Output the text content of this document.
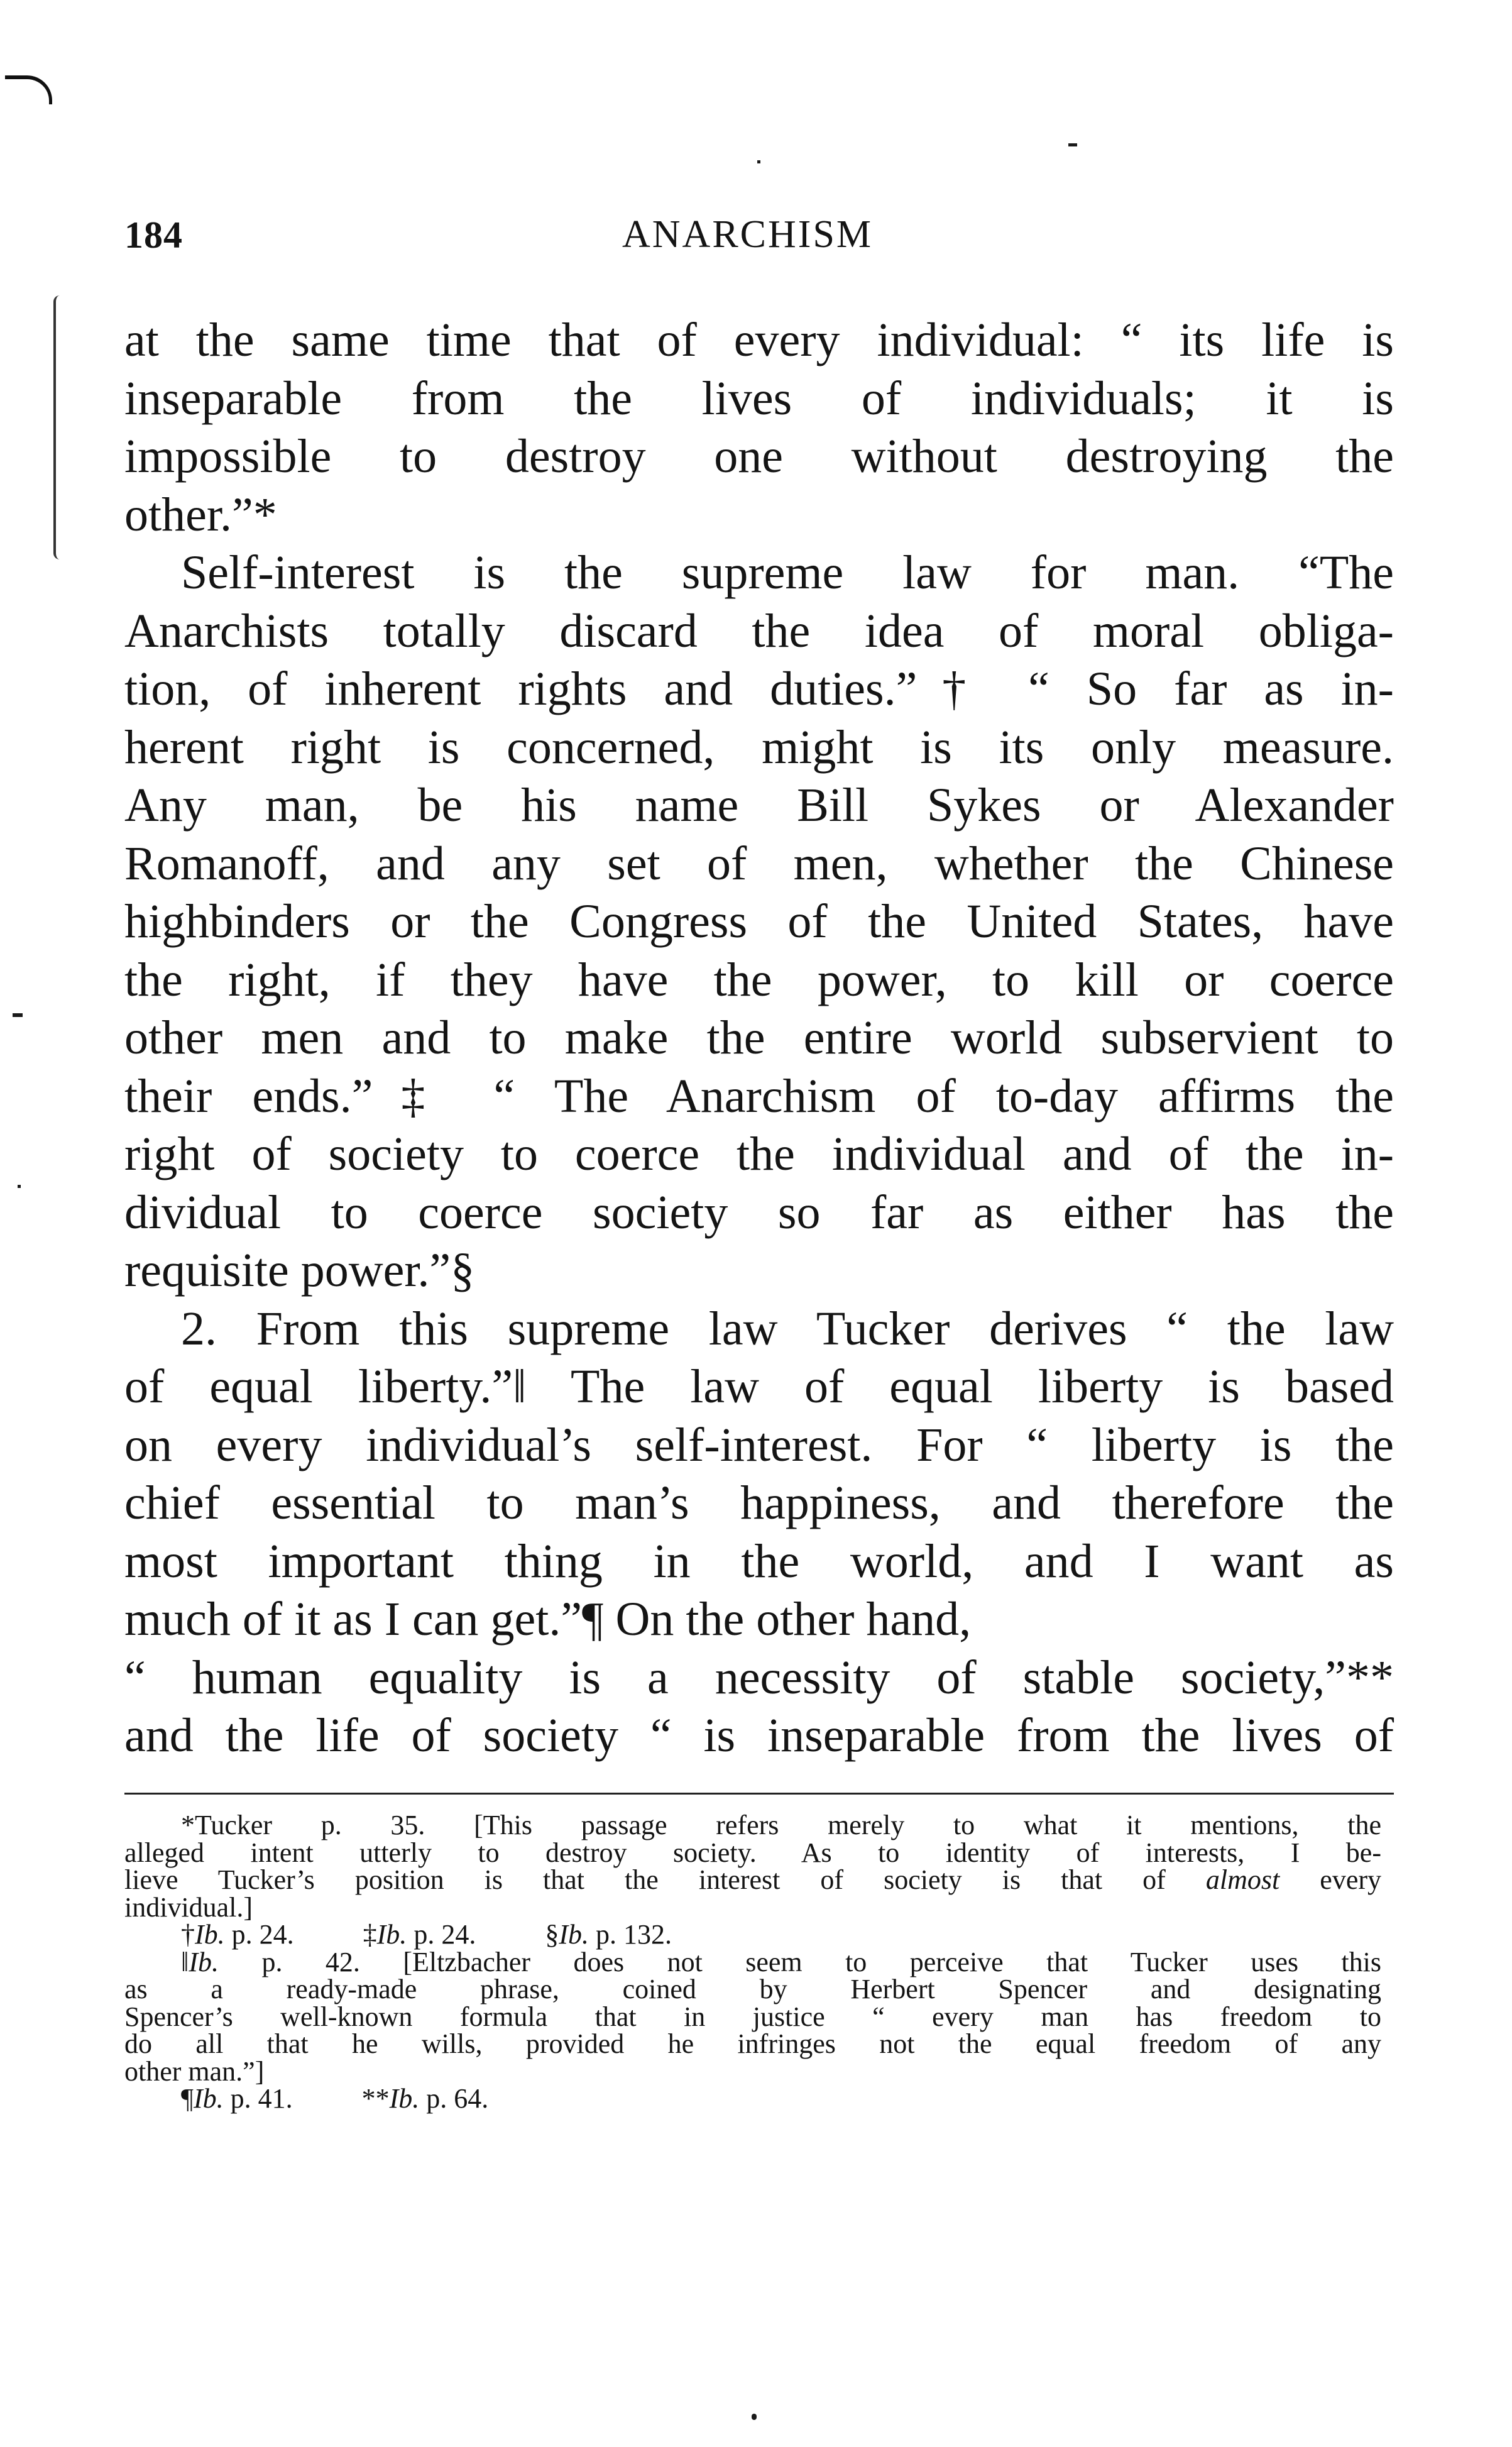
184	ANARCHISM
at the same time that of every individual: “ its life is
inseparable from the lives of individuals; it is
impossible to destroy one without destroying the
other.”*
Self-interest is the supreme law for man. “The
Anarchists totally discard the idea of moral obliga-
tion, of inherent rights and duties.”† “ So far as in-
herent right is concerned, might is its only measure.
Any man, be his name Bill Sykes or Alexander
Romanoff, and any set of men, whether the Chinese
highbinders or the Congress of the United States, have
the right, if they have the power, to kill or coerce
other men and to make the entire world subservient to
their ends.”‡ “ The Anarchism of to-day affirms the
right of society to coerce the individual and of the in-
dividual to coerce society so far as either has the
requisite power.”§
2. From this supreme law Tucker derives “ the law
of equal liberty.”‖ The law of equal liberty is based
on every individual’s self-interest. For “ liberty is the
chief essential to man’s happiness, and therefore the
most important thing in the world, and I want as
much of it as I can get.”¶ On the other hand,
“ human equality is a necessity of stable society,”**
and the life of society “ is inseparable from the lives of
*Tucker p. 35. [This passage refers merely to what it mentions, the
alleged intent utterly to destroy society. As to identity of interests, I be-
lieve Tucker’s position is that the interest of society is that of almost every
individual.]
†Ib. p. 24.	‡Ib. p. 24.	§Ib. p. 132.
‖Ib. p. 42. [Eltzbacher does not seem to perceive that Tucker uses this
as a ready-made phrase, coined by Herbert Spencer and designating
Spencer’s well-known formula that in justice “ every man has freedom to
do all that he wills, provided he infringes not the equal freedom of any
other man.”]
¶Ib. p. 41.	**Ib. p. 64.
